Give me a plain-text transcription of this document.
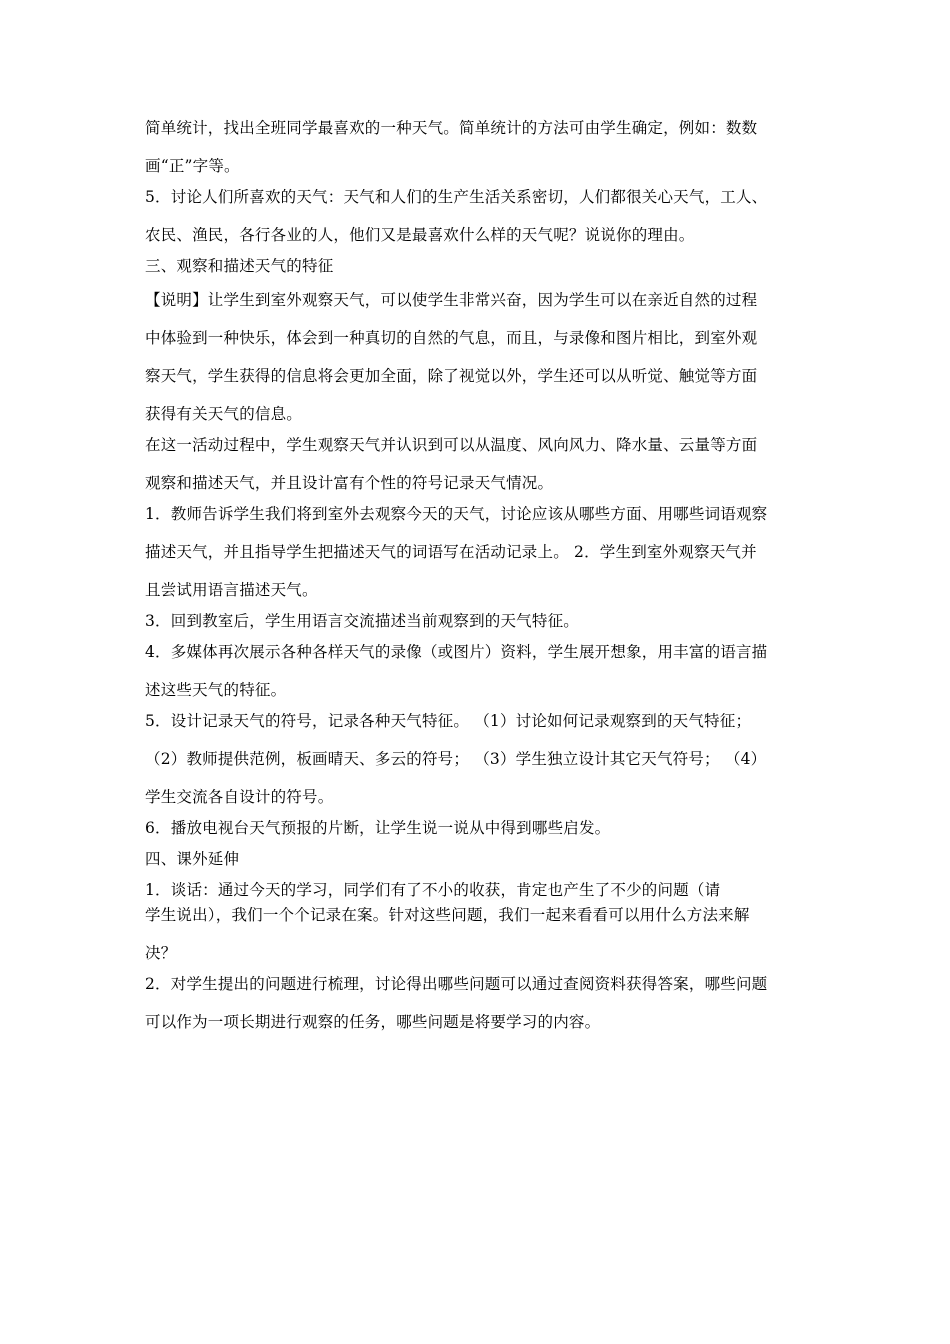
简单统计，找出全班同学最喜欢的一种天气。简单统计的方法可由学生确定，例如：数数
画“正”字等。
5．讨论人们所喜欢的天气：天气和人们的生产生活关系密切，人们都很关心天气，工人、
农民、渔民，各行各业的人，他们又是最喜欢什么样的天气呢？说说你的理由。
三、观察和描述天气的特征
【说明】让学生到室外观察天气，可以使学生非常兴奋，因为学生可以在亲近自然的过程
中体验到一种快乐，体会到一种真切的自然的气息，而且，与录像和图片相比，到室外观
察天气，学生获得的信息将会更加全面，除了视觉以外，学生还可以从听觉、触觉等方面
获得有关天气的信息。
在这一活动过程中，学生观察天气并认识到可以从温度、风向风力、降水量、云量等方面
观察和描述天气，并且设计富有个性的符号记录天气情况。
1．教师告诉学生我们将到室外去观察今天的天气，讨论应该从哪些方面、用哪些词语观察
描述天气，并且指导学生把描述天气的词语写在活动记录上。 2．学生到室外观察天气并
且尝试用语言描述天气。
3．回到教室后，学生用语言交流描述当前观察到的天气特征。
4．多媒体再次展示各种各样天气的录像（或图片）资料，学生展开想象，用丰富的语言描
述这些天气的特征。
5．设计记录天气的符号，记录各种天气特征。 （1）讨论如何记录观察到的天气特征；
（2）教师提供范例，板画晴天、多云的符号； （3）学生独立设计其它天气符号； （4）
学生交流各自设计的符号。
6．播放电视台天气预报的片断，让学生说一说从中得到哪些启发。
四、课外延伸
1．谈话：通过今天的学习，同学们有了不小的收获，肯定也产生了不少的问题（请
学生说出），我们一个个记录在案。针对这些问题，我们一起来看看可以用什么方法来解
决？
2．对学生提出的问题进行梳理，讨论得出哪些问题可以通过查阅资料获得答案，哪些问题
可以作为一项长期进行观察的任务，哪些问题是将要学习的内容。
